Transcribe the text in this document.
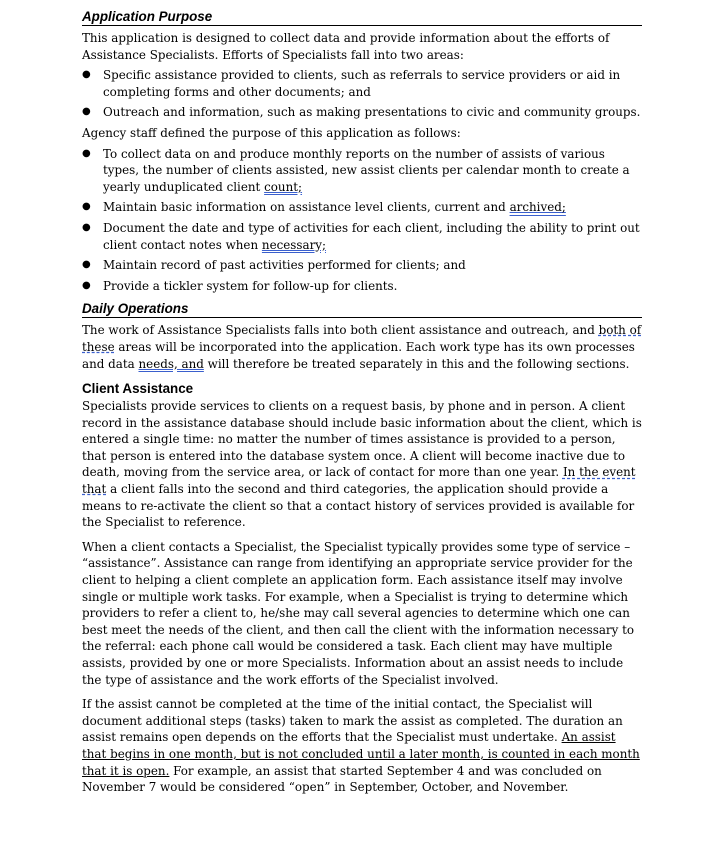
Application Purpose

This application is designed to collect data and provide information about the efforts of Assistance Specialists. Efforts of Specialists fall into two areas:

● Specific assistance provided to clients, such as referrals to service providers or aid in completing forms and other documents; and
● Outreach and information, such as making presentations to civic and community groups.

Agency staff defined the purpose of this application as follows:

● To collect data on and produce monthly reports on the number of assists of various types, the number of clients assisted, new assist clients per calendar month to create a yearly unduplicated client count;
● Maintain basic information on assistance level clients, current and archived;
● Document the date and type of activities for each client, including the ability to print out client contact notes when necessary;
● Maintain record of past activities performed for clients; and
● Provide a tickler system for follow-up for clients.
Daily Operations

The work of Assistance Specialists falls into both client assistance and outreach, and both of these areas will be incorporated into the application. Each work type has its own processes and data needs, and will therefore be treated separately in this and the following sections.

Client Assistance

Specialists provide services to clients on a request basis, by phone and in person. A client record in the assistance database should include basic information about the client, which is entered a single time: no matter the number of times assistance is provided to a person, that person is entered into the database system once. A client will become inactive due to death, moving from the service area, or lack of contact for more than one year. In the event that a client falls into the second and third categories, the application should provide a means to re-activate the client so that a contact history of services provided is available for the Specialist to reference.

When a client contacts a Specialist, the Specialist typically provides some type of service – “assistance”. Assistance can range from identifying an appropriate service provider for the client to helping a client complete an application form. Each assistance itself may involve single or multiple work tasks. For example, when a Specialist is trying to determine which providers to refer a client to, he/she may call several agencies to determine which one can best meet the needs of the client, and then call the client with the information necessary to the referral: each phone call would be considered a task. Each client may have multiple assists, provided by one or more Specialists. Information about an assist needs to include the type of assistance and the work efforts of the Specialist involved.

If the assist cannot be completed at the time of the initial contact, the Specialist will document additional steps (tasks) taken to mark the assist as completed. The duration an assist remains open depends on the efforts that the Specialist must undertake. An assist that begins in one month, but is not concluded until a later month, is counted in each month that it is open. For example, an assist that started September 4 and was concluded on November 7 would be considered “open” in September, October, and November.
